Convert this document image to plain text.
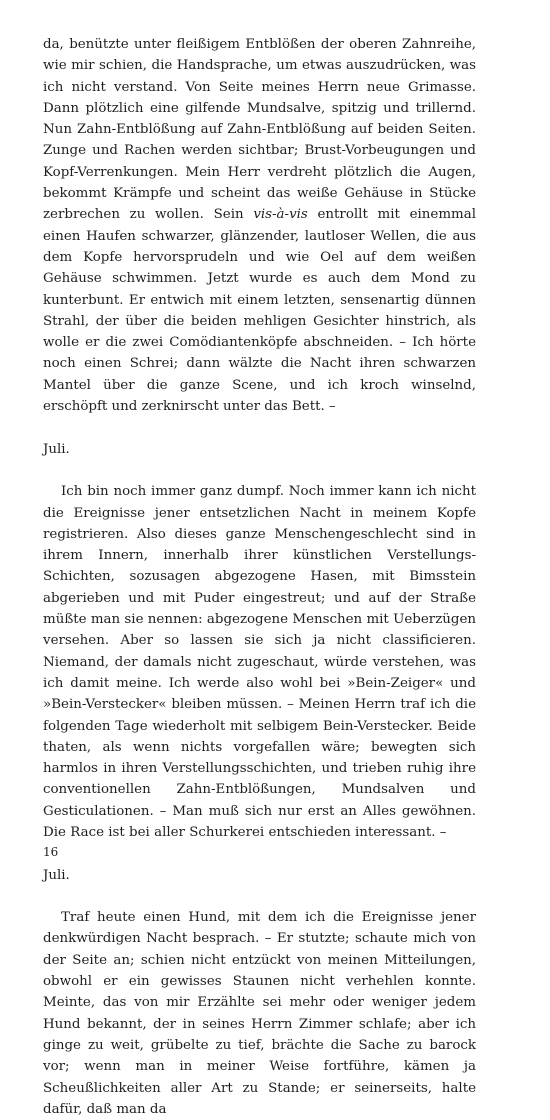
da, benützte unter fleißigem Entblößen der oberen Zahnreihe, wie mir schien, die Handsprache, um etwas auszudrücken, was ich nicht verstand. Von Seite meines Herrn neue Grimasse. Dann plötzlich eine gilfende Mundsalve, spitzig und trillernd. Nun Zahn-Entblößung auf Zahn-Entblößung auf beiden Seiten. Zunge und Rachen werden sichtbar; Brust-Vorbeugungen und Kopf-Verrenkungen. Mein Herr verdreht plötzlich die Augen, bekommt Krämpfe und scheint das weiße Gehäuse in Stücke zerbrechen zu wollen. Sein vis-à-vis entrollt mit einemmal einen Haufen schwarzer, glänzender, lautloser Wellen, die aus dem Kopfe hervorsprudeln und wie Oel auf dem weißen Gehäuse schwimmen. Jetzt wurde es auch dem Mond zu kunterbunt. Er entwich mit einem letzten, sensenartig dünnen Strahl, der über die beiden mehligen Gesichter hinstrich, als wolle er die zwei Comödiantenköpfe abschneiden. – Ich hörte noch einen Schrei; dann wälzte die Nacht ihren schwarzen Mantel über die ganze Scene, und ich kroch winselnd, erschöpft und zerknirscht unter das Bett. –

Juli.

Ich bin noch immer ganz dumpf. Noch immer kann ich nicht die Ereignisse jener entsetzlichen Nacht in meinem Kopfe registrieren. Also dieses ganze Menschengeschlecht sind in ihrem Innern, innerhalb ihrer künstlichen Verstellungs-Schichten, sozusagen abgezogene Hasen, mit Bimsstein abgerieben und mit Puder eingestreut; und auf der Straße müßte man sie nennen: abgezogene Menschen mit Ueberzügen versehen. Aber so lassen sie sich ja nicht classificieren. Niemand, der damals nicht zugeschaut, würde verstehen, was ich damit meine. Ich werde also wohl bei »Bein-Zeiger« und »Bein-Verstecker« bleiben müssen. – Meinen Herrn traf ich die folgenden Tage wiederholt mit selbigem Bein-Verstecker. Beide thaten, als wenn nichts vorgefallen wäre; bewegten sich harmlos in ihren Verstellungsschichten, und trieben ruhig ihre conventionellen Zahn-Entblößungen, Mundsalven und Gesticulationen. – Man muß sich nur erst an Alles gewöhnen. Die Race ist bei aller Schurkerei entschieden interessant. –

Juli.

Traf heute einen Hund, mit dem ich die Ereignisse jener denkwürdigen Nacht besprach. – Er stutzte; schaute mich von der Seite an; schien nicht entzückt von meinen Mitteilungen, obwohl er ein gewisses Staunen nicht verhehlen konnte. Meinte, das von mir Erzählte sei mehr oder weniger jedem Hund bekannt, der in seines Herrn Zimmer schlafe; aber ich ginge zu weit, grübelte zu tief, brächte die Sache zu barock vor; wenn man in meiner Weise fortführe, kämen ja Scheußlichkeiten aller Art zu Stande; er seinerseits, halte dafür, daß man da

16
